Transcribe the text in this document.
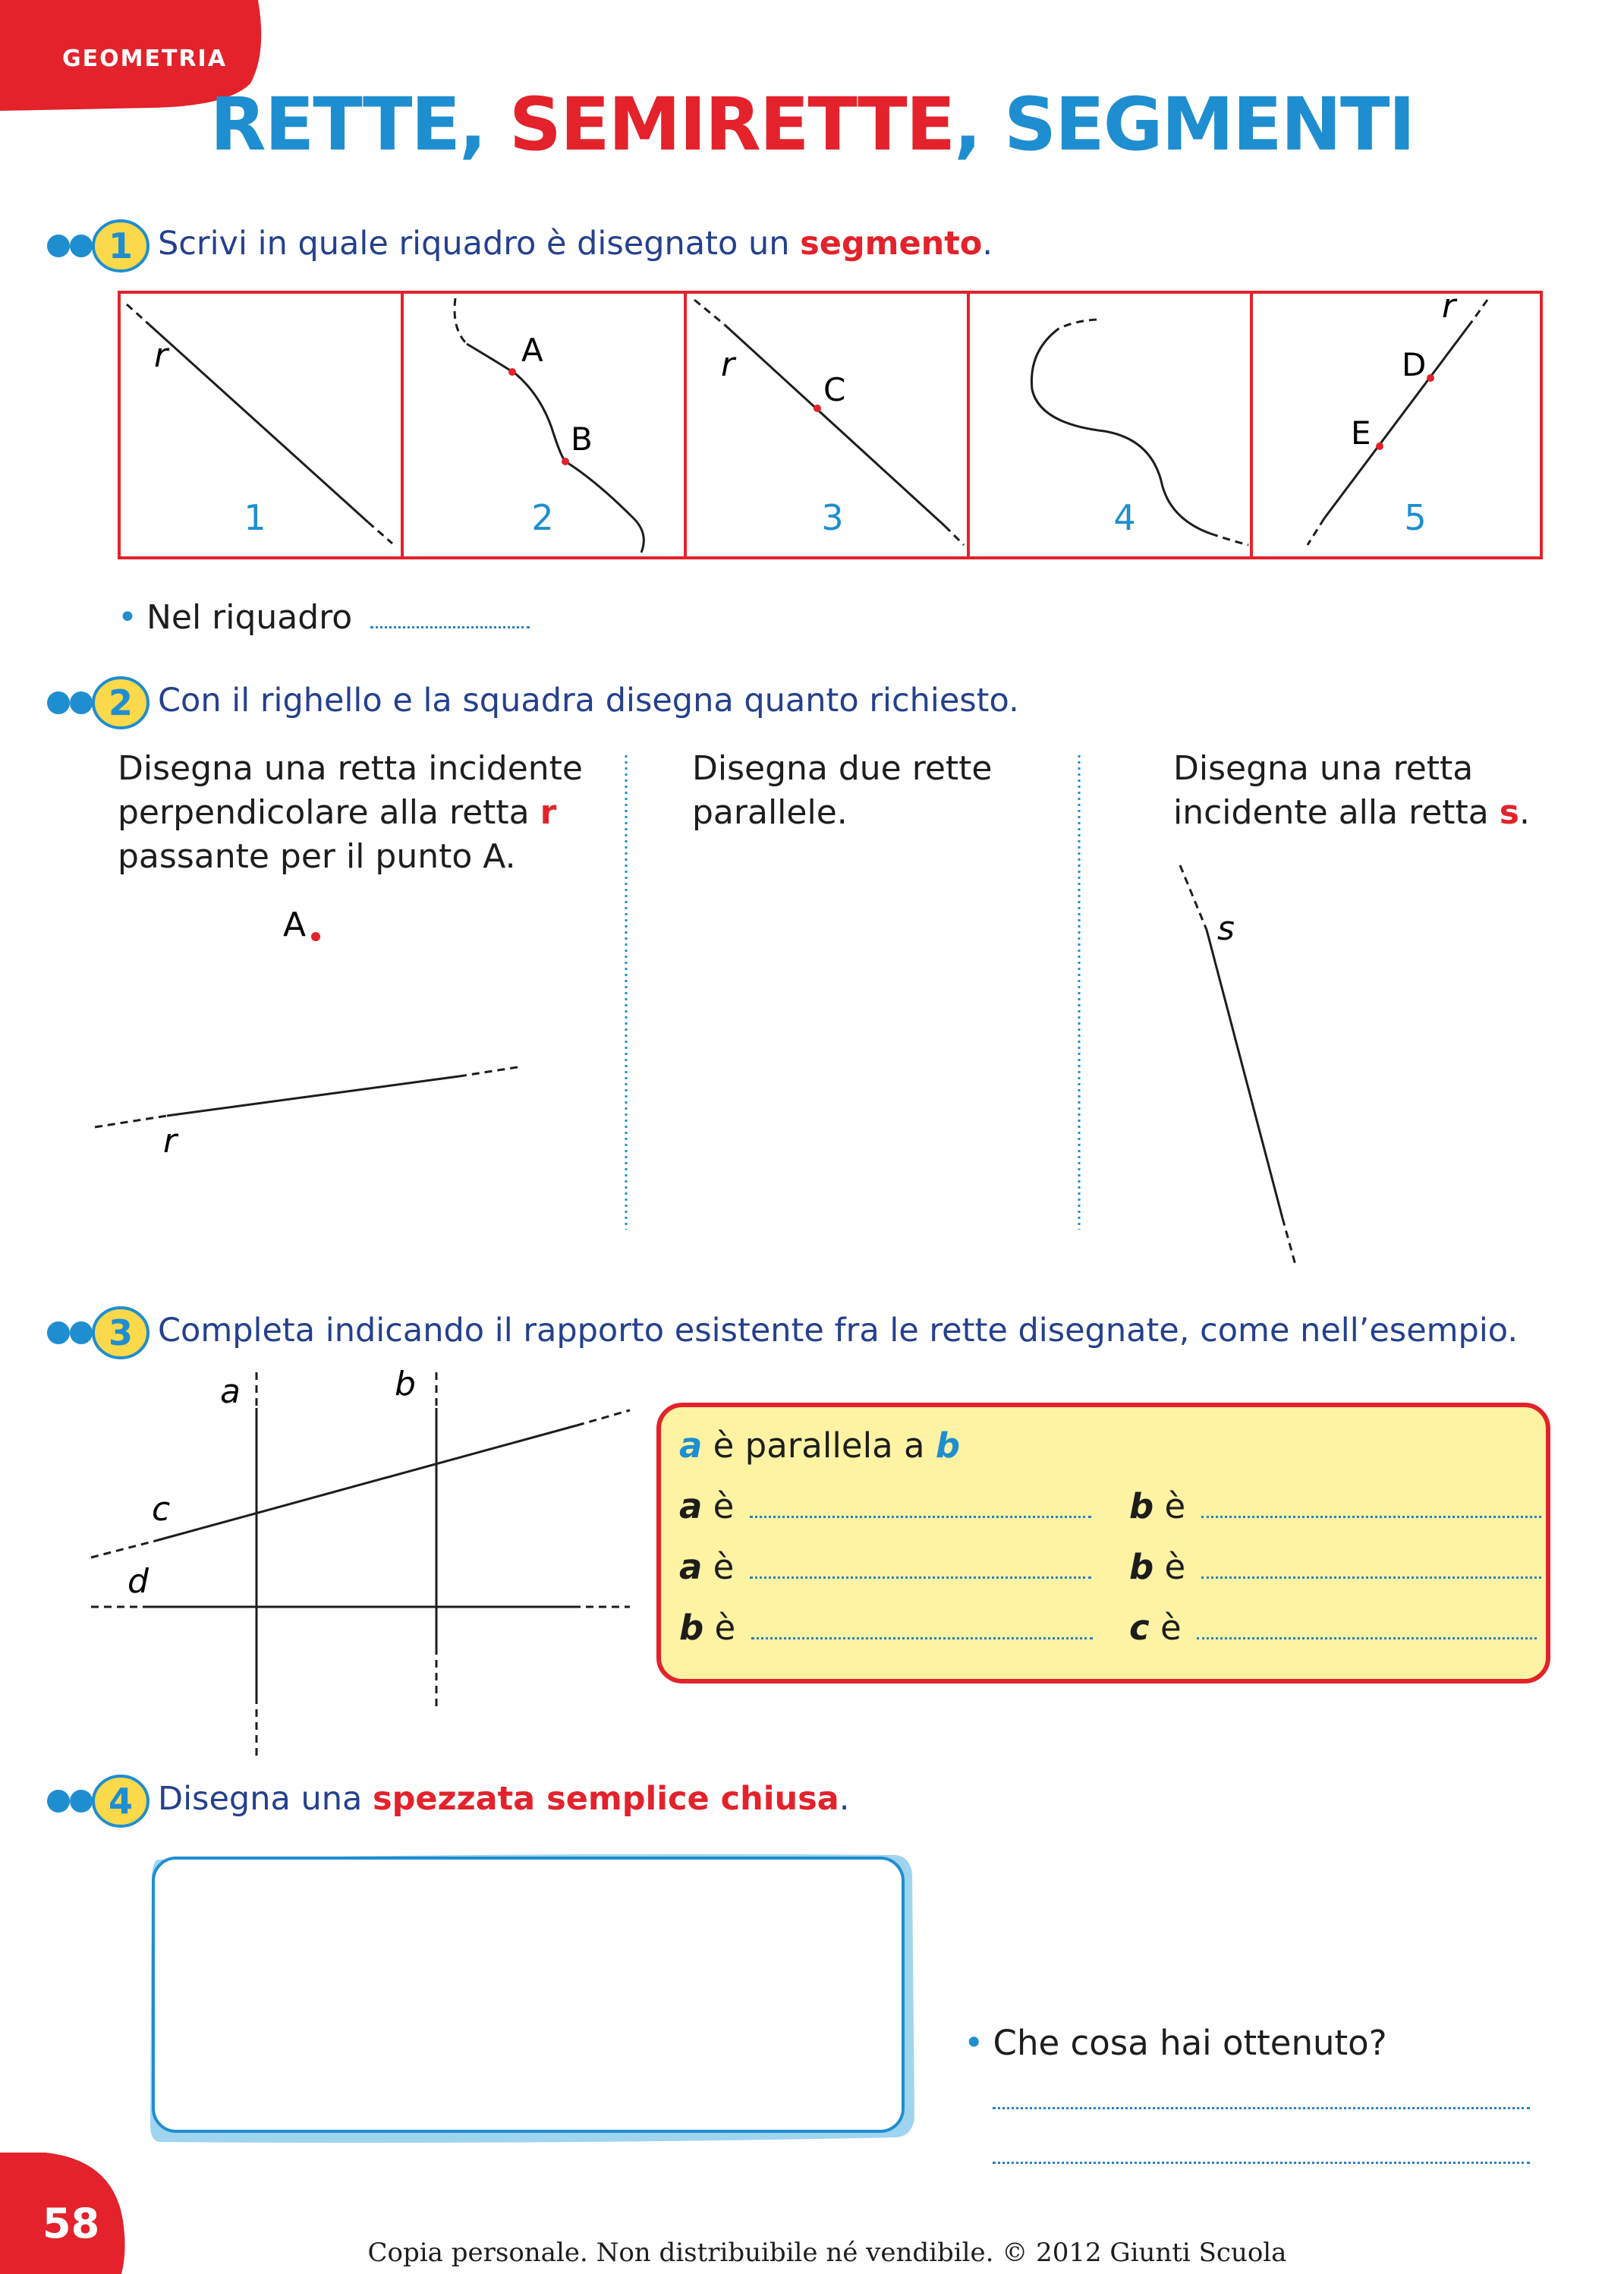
GEOMETRIA
RETTE, SEMIRETTE, SEGMENTI
1 Scrivi in quale riquadro è disegnato un segmento.
r	A
B
r
C
r
D
E
1	2	3	4	5
• Nel riquadro
2 Con il righello e la squadra disegna quanto richiesto.
Disegna una retta incidente
perpendicolare alla retta r
passante per il punto A.
Disegna due rette
parallele.
Disegna una retta
incidente alla retta s.
A
r
s
3 Completa indicando il rapporto esistente fra le rette disegnate, come nell’esempio.
a	b
c
d
a è parallela a b
a è	b è
a è	b è
b è	c è
4 Disegna una spezzata semplice chiusa.
• Che cosa hai ottenuto?
58
Copia personale. Non distribuibile né vendibile. © 2012 Giunti Scuola
